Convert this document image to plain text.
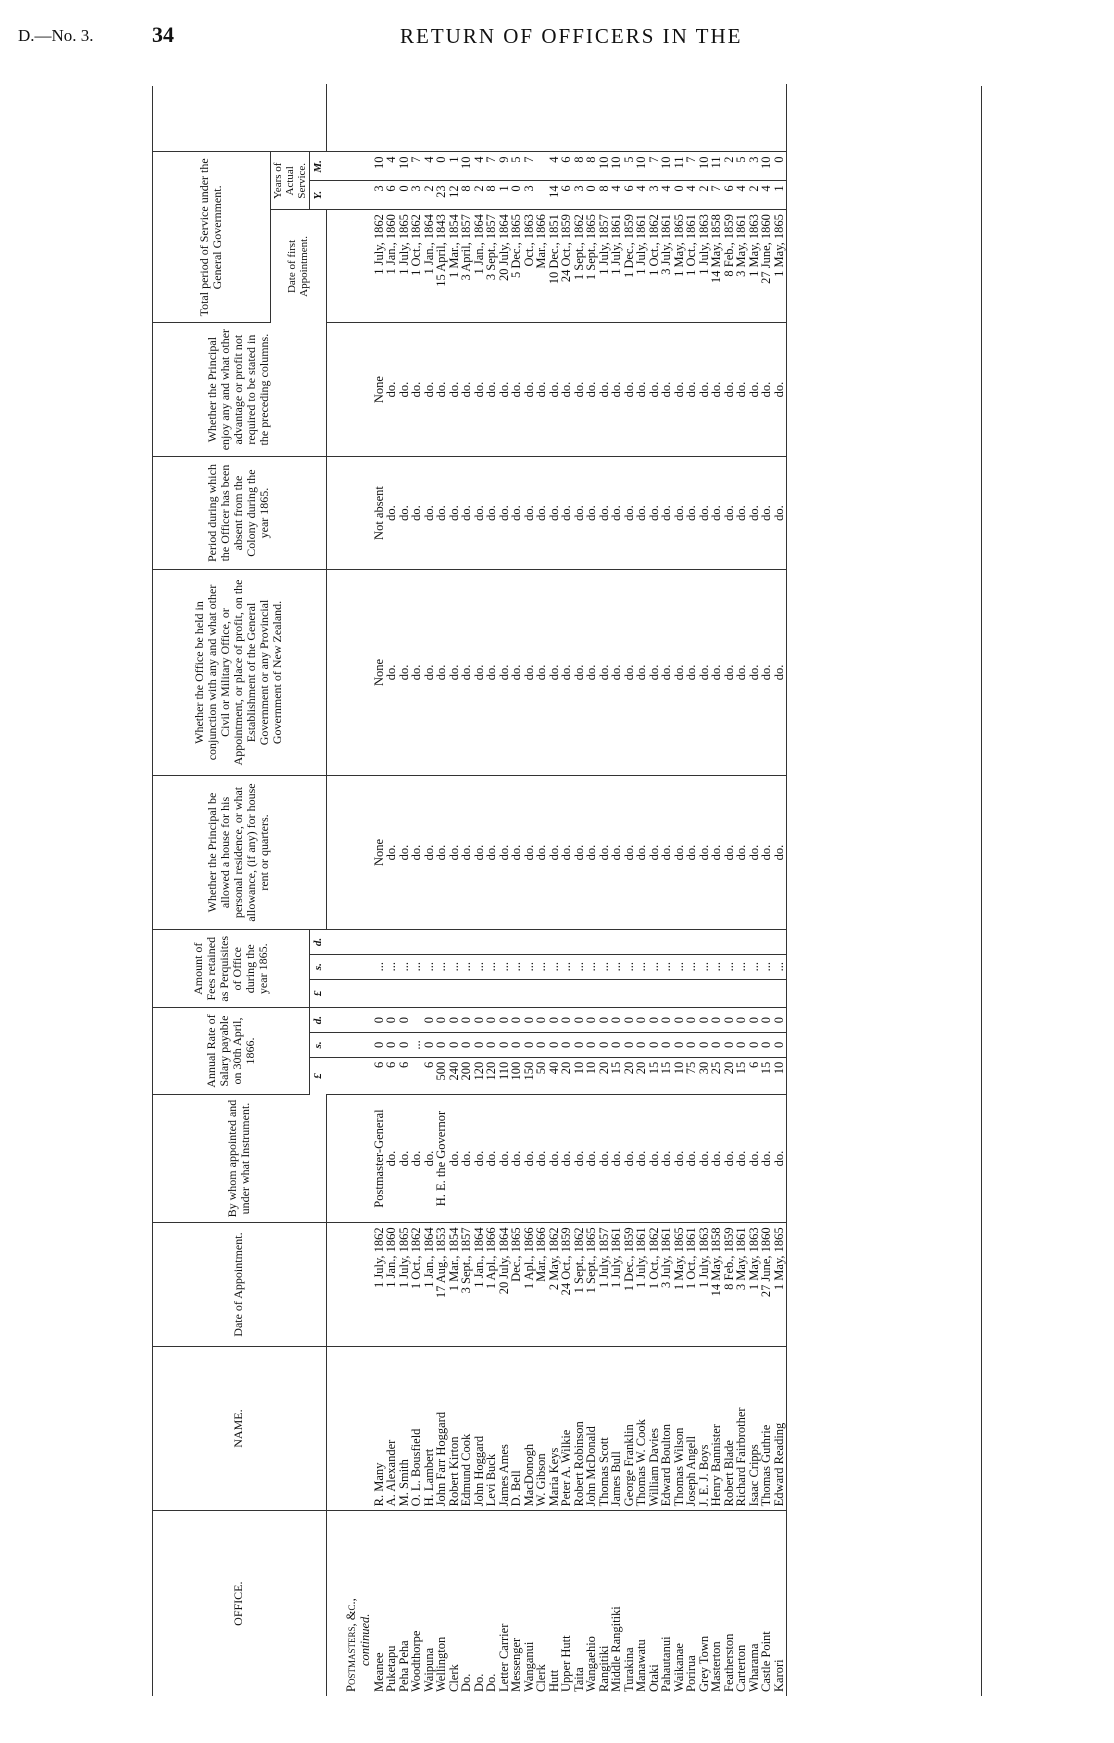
D.—No. 3.	34	RETURN OF OFFICERS IN THE
OFFICE.	NAME.	Date of Appointment.	By whom appointed and under what Instrument.	Annual Rate of Salary payable on 30th April, 1866.			Amount of Fees retained as Perquisites of Office during the year 1865.			Whether the Principal be allowed a house for his personal residence, or what allowance, (if any) for house rent or quarters.	Whether the Office be held in conjunction with any and what other Civil or Military Office, or Appointment, or place of profit, on the Establishment of the General Government or any Provincial Government of New Zealand.	Period during which the Officer has been absent from the Colony during the year 1865.	Whether the Principal enjoy any and what other advantage or profit not required to be stated in the preceding columns.	Total period of Service under the General Government.			
														Date of first Appointment.	Years of Actual Service.		
				£	s.	d.	£	s.	d.						Y.	M.	

Postmasters, &c.,																	
continued.																	
Meanee	R. Many	1 July, 1862	Postmaster-General	6	0	0		...		None	None	Not absent	None	1 July, 1862	3	10	
Puketapu	A. Alexander	1 Jan., 1860	do.	6	0	0		...		do.	do.	do.	do.	1 Jan., 1860	6	4	
Peha Peha	M. Smith	1 July, 1865	do.	6	0	0		...		do.	do.	do.	do.	1 July, 1865	0	10	
Woodthorpe	O. L. Bousfield	1 Oct., 1862	do.		...			...		do.	do.	do.	do.	1 Oct., 1862	3	7	
Waipuna	H. Lambert	1 Jan., 1864	do.	6	0	0		...		do.	do.	do.	do.	1 Jan., 1864	2	4	
Wellington	John Farr Hoggard	17 Aug., 1853	H. E. the Governor	500	0	0		...		do.	do.	do.	do.	15 April, 1843	23	0	
Clerk	Robert Kirton	1 Mar., 1854	do.	240	0	0		...		do.	do.	do.	do.	1 Mar., 1854	12	1	
Do.	Edmund Cook	3 Sept., 1857	do.	200	0	0		...		do.	do.	do.	do.	3 April, 1857	8	10	
Do.	John Hoggard	1 Jan., 1864	do.	120	0	0		...		do.	do.	do.	do.	1 Jan., 1864	2	4	
Do.	Levi Buck	1 Apl., 1866	do.	120	0	0		...		do.	do.	do.	do.	3 Sept., 1857	8	7	
Letter Carrier	James Ames	20 July, 1864	do.	110	0	0		...		do.	do.	do.	do.	20 July, 1864	1	9	
Messenger	D. Bell	Dec., 1865	do.	100	0	0		...		do.	do.	do.	do.	5 Dec., 1865	0	5	
Wanganui	MacDonogh	1 Apl., 1866	do.	150	0	0		...		do.	do.	do.	do.	Oct., 1863	3	7	
Clerk	W. Gibson	Mar., 1866	do.	50	0	0		...		do.	do.	do.	do.	Mar., 1866			
Hutt	Maria Keys	2 May, 1862	do.	40	0	0		...		do.	do.	do.	do.	10 Dec., 1851	14	4	
Upper Hutt	Peter A. Wilkie	24 Oct., 1859	do.	20	0	0		...		do.	do.	do.	do.	24 Oct., 1859	6	6	
Taita	Robert Robinson	1 Sept., 1862	do.	10	0	0		...		do.	do.	do.	do.	1 Sept., 1862	3	8	
Wangaehio	John McDonald	1 Sept., 1865	do.	10	0	0		...		do.	do.	do.	do.	1 Sept., 1865	0	8	
Rangitiki	Thomas Scott	1 July, 1857	do.	20	0	0		...		do.	do.	do.	do.	1 July, 1857	8	10	
Middle Rangitiki	James Bull	1 July, 1861	do.	15	0	0		...		do.	do.	do.	do.	1 July, 1861	4	10	
Turakina	George Franklin	1 Dec., 1859	do.	20	0	0		...		do.	do.	do.	do.	1 Dec., 1859	6	5	
Manawatu	Thomas W. Cook	1 July, 1861	do.	20	0	0		...		do.	do.	do.	do.	1 July, 1861	4	10	
Otaki	William Davies	1 Oct., 1862	do.	15	0	0		...		do.	do.	do.	do.	1 Oct., 1862	3	7	
Pahautanui	Edward Boulton	3 July, 1861	do.	15	0	0		...		do.	do.	do.	do.	3 July, 1861	4	10	
Waikanae	Thomas Wilson	1 May, 1865	do.	10	0	0		...		do.	do.	do.	do.	1 May, 1865	0	11	
Porirua	Joseph Angell	1 Oct., 1861	do.	75	0	0		...		do.	do.	do.	do.	1 Oct., 1861	4	7	
Grey Town	J. E. J. Boys	1 July, 1863	do.	30	0	0		...		do.	do.	do.	do.	1 July, 1863	2	10	
Masterton	Henry Bannister	14 May, 1858	do.	25	0	0		...		do.	do.	do.	do.	14 May, 1858	7	11	
Featherston	Robert Blade	8 Feb., 1859	do.	20	0	0		...		do.	do.	do.	do.	8 Feb., 1859	6	2	
Carterton	Richard Fairbrother	3 May, 1861	do.	15	0	0		...		do.	do.	do.	do.	3 May, 1861	4	5	
Wharama	Isaac Cripps	1 May, 1863	do.	6	0	0		...		do.	do.	do.	do.	1 May, 1863	2	3	
Castle Point	Thomas Guthrie	27 June, 1860	do.	15	0	0		...		do.	do.	do.	do.	27 June, 1860	4	10	
Karori	Edward Reading	1 May, 1865	do.	10	0	0		...		do.	do.	do.	do.	1 May, 1865	1	0	
